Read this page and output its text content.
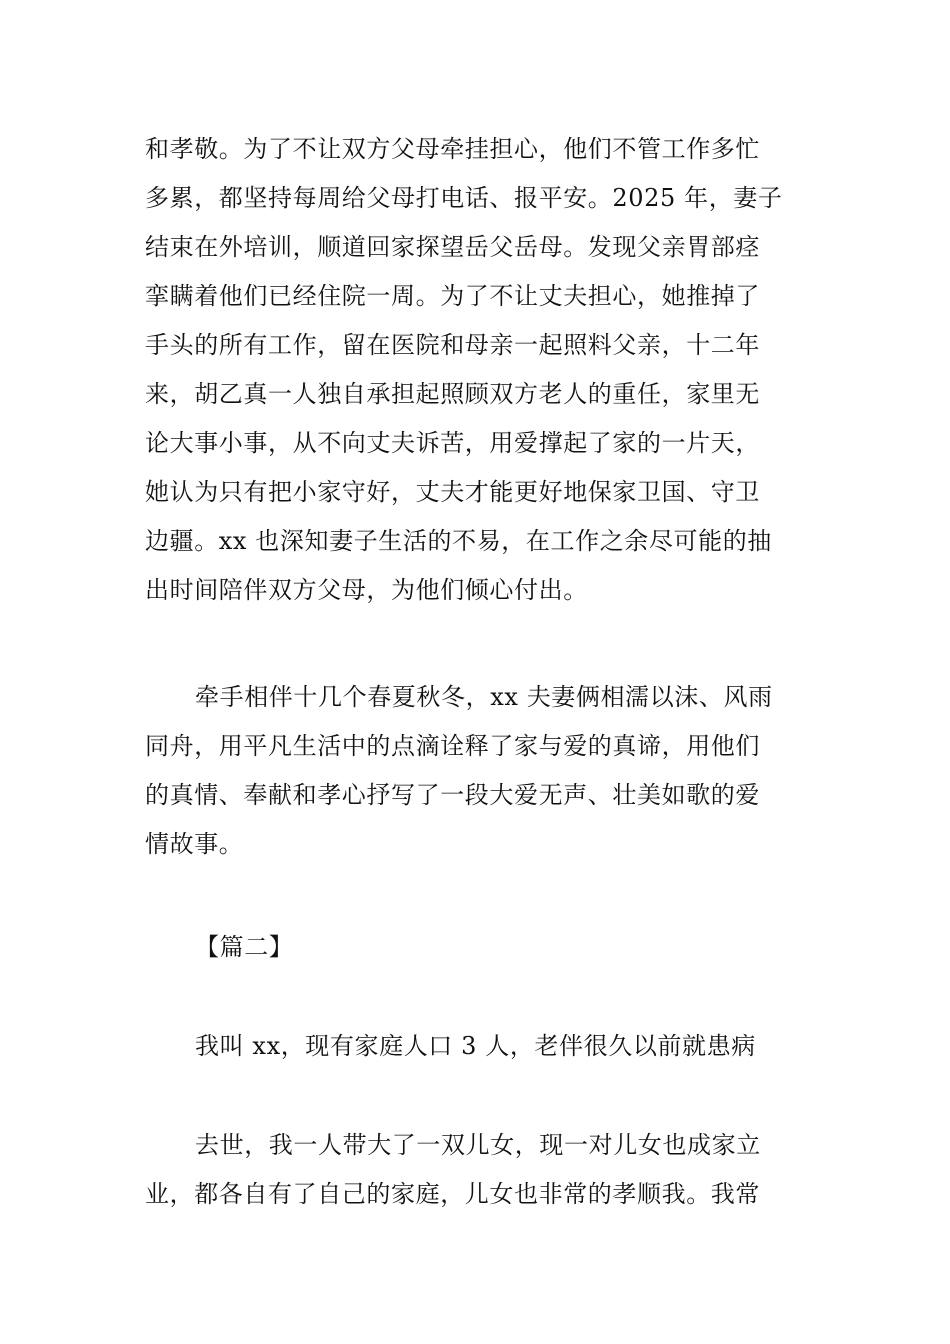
和孝敬。为了不让双方父母牵挂担心，他们不管工作多忙
多累，都坚持每周给父母打电话、报平安。2025 年，妻子
结束在外培训，顺道回家探望岳父岳母。发现父亲胃部痉
挛瞒着他们已经住院一周。为了不让丈夫担心，她推掉了
手头的所有工作，留在医院和母亲一起照料父亲，十二年
来，胡乙真一人独自承担起照顾双方老人的重任，家里无
论大事小事，从不向丈夫诉苦，用爱撑起了家的一片天，
她认为只有把小家守好，丈夫才能更好地保家卫国、守卫
边疆。xx 也深知妻子生活的不易，在工作之余尽可能的抽
出时间陪伴双方父母，为他们倾心付出。
牵手相伴十几个春夏秋冬，xx 夫妻俩相濡以沫、风雨
同舟，用平凡生活中的点滴诠释了家与爱的真谛，用他们
的真情、奉献和孝心抒写了一段大爱无声、壮美如歌的爱
情故事。
【篇二】
我叫 xx，现有家庭人口 3 人，老伴很久以前就患病
去世，我一人带大了一双儿女，现一对儿女也成家立
业，都各自有了自己的家庭，儿女也非常的孝顺我。我常
